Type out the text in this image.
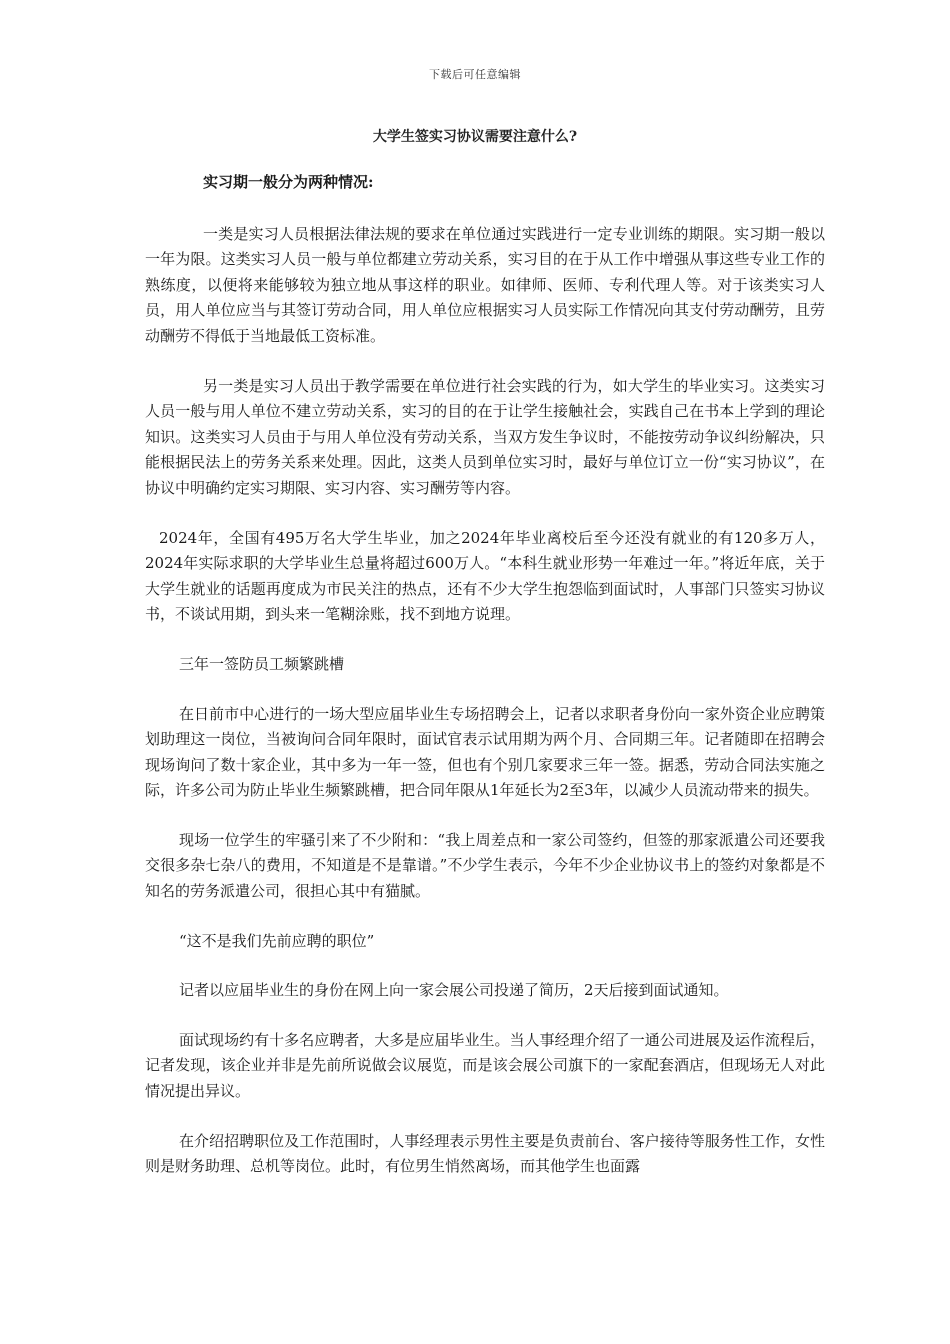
下载后可任意编辑
大学生签实习协议需要注意什么?

实习期一般分为两种情况:

一类是实习人员根据法律法规的要求在单位通过实践进行一定专业训练的期限。实习期一般以一年为限。这类实习人员一般与单位都建立劳动关系，实习目的在于从工作中增强从事这些专业工作的熟练度，以便将来能够较为独立地从事这样的职业。如律师、医师、专利代理人等。对于该类实习人员，用人单位应当与其签订劳动合同，用人单位应根据实习人员实际工作情况向其支付劳动酬劳，且劳动酬劳不得低于当地最低工资标准。

另一类是实习人员出于教学需要在单位进行社会实践的行为，如大学生的毕业实习。这类实习人员一般与用人单位不建立劳动关系，实习的目的在于让学生接触社会，实践自己在书本上学到的理论知识。这类实习人员由于与用人单位没有劳动关系，当双方发生争议时，不能按劳动争议纠纷解决，只能根据民法上的劳务关系来处理。因此，这类人员到单位实习时，最好与单位订立一份“实习协议”，在协议中明确约定实习期限、实习内容、实习酬劳等内容。

2024年，全国有495万名大学生毕业，加之2024年毕业离校后至今还没有就业的有120多万人，2024年实际求职的大学毕业生总量将超过600万人。“本科生就业形势一年难过一年。”将近年底，关于大学生就业的话题再度成为市民关注的热点，还有不少大学生抱怨临到面试时，人事部门只签实习协议书，不谈试用期，到头来一笔糊涂账，找不到地方说理。

三年一签防员工频繁跳槽

在日前市中心进行的一场大型应届毕业生专场招聘会上，记者以求职者身份向一家外资企业应聘策划助理这一岗位，当被询问合同年限时，面试官表示试用期为两个月、合同期三年。记者随即在招聘会现场询问了数十家企业，其中多为一年一签，但也有个别几家要求三年一签。据悉，劳动合同法实施之际，许多公司为防止毕业生频繁跳槽，把合同年限从1年延长为2至3年，以减少人员流动带来的损失。

现场一位学生的牢骚引来了不少附和：“我上周差点和一家公司签约，但签的那家派遣公司还要我交很多杂七杂八的费用，不知道是不是靠谱。”不少学生表示，今年不少企业协议书上的签约对象都是不知名的劳务派遣公司，很担心其中有猫腻。

“这不是我们先前应聘的职位”

记者以应届毕业生的身份在网上向一家会展公司投递了简历，2天后接到面试通知。

面试现场约有十多名应聘者，大多是应届毕业生。当人事经理介绍了一通公司进展及运作流程后，记者发现，该企业并非是先前所说做会议展览，而是该会展公司旗下的一家配套酒店，但现场无人对此情况提出异议。

在介绍招聘职位及工作范围时，人事经理表示男性主要是负责前台、客户接待等服务性工作，女性则是财务助理、总机等岗位。此时，有位男生悄然离场，而其他学生也面露
